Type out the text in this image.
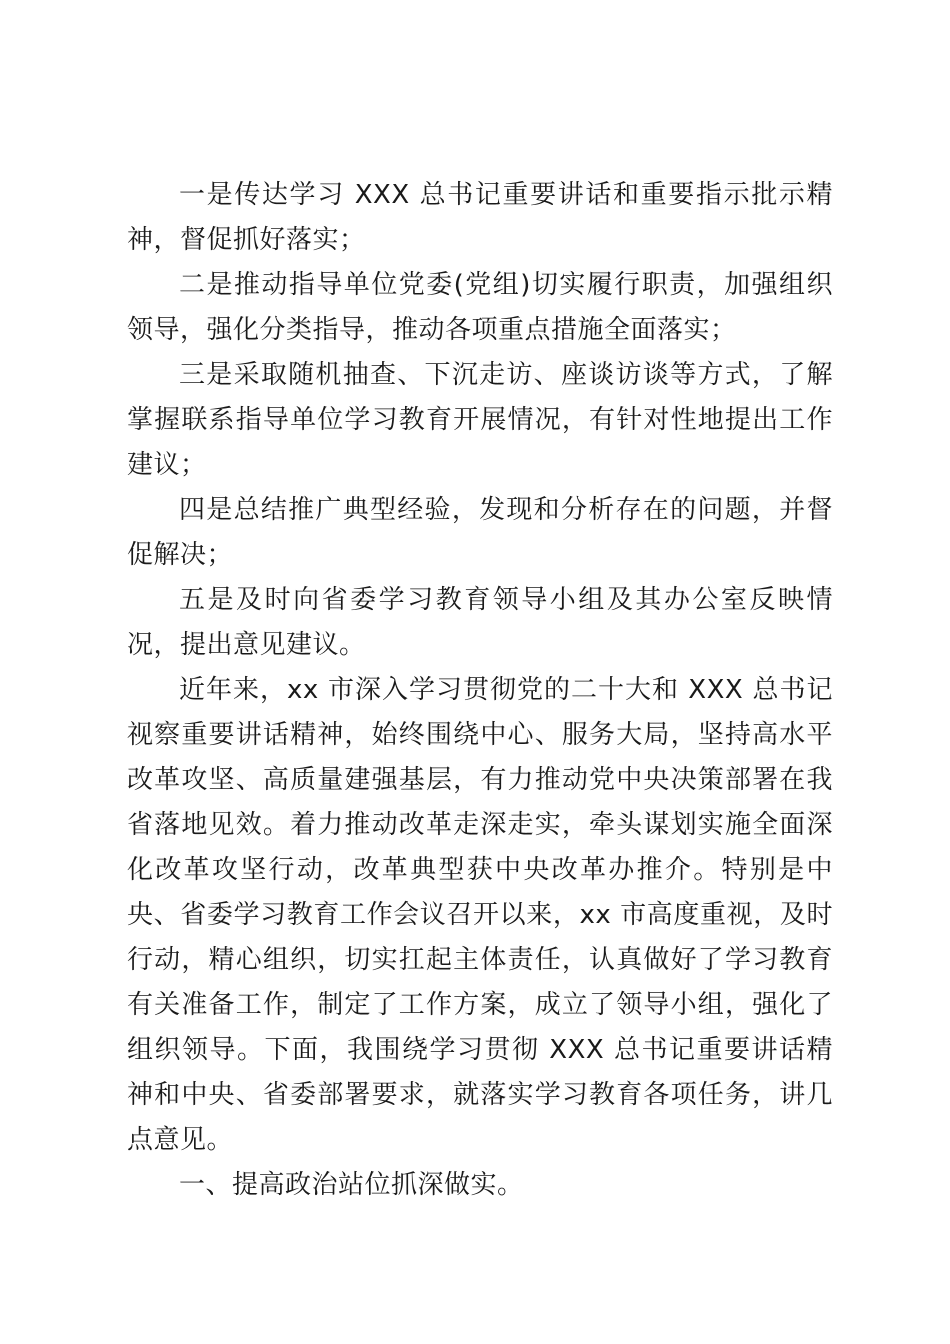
一是传达学习 XXX 总书记重要讲话和重要指示批示精神，督促抓好落实；

二是推动指导单位党委(党组)切实履行职责，加强组织领导，强化分类指导，推动各项重点措施全面落实；

三是采取随机抽查、下沉走访、座谈访谈等方式，了解掌握联系指导单位学习教育开展情况，有针对性地提出工作建议；

四是总结推广典型经验，发现和分析存在的问题，并督促解决；

五是及时向省委学习教育领导小组及其办公室反映情况，提出意见建议。

近年来，xx 市深入学习贯彻党的二十大和 XXX 总书记视察重要讲话精神，始终围绕中心、服务大局，坚持高水平改革攻坚、高质量建强基层，有力推动党中央决策部署在我省落地见效。着力推动改革走深走实，牵头谋划实施全面深化改革攻坚行动，改革典型获中央改革办推介。特别是中央、省委学习教育工作会议召开以来，xx 市高度重视，及时行动，精心组织，切实扛起主体责任，认真做好了学习教育有关准备工作，制定了工作方案，成立了领导小组，强化了组织领导。下面，我围绕学习贯彻 XXX 总书记重要讲话精神和中央、省委部署要求，就落实学习教育各项任务，讲几点意见。

一、提高政治站位抓深做实。
